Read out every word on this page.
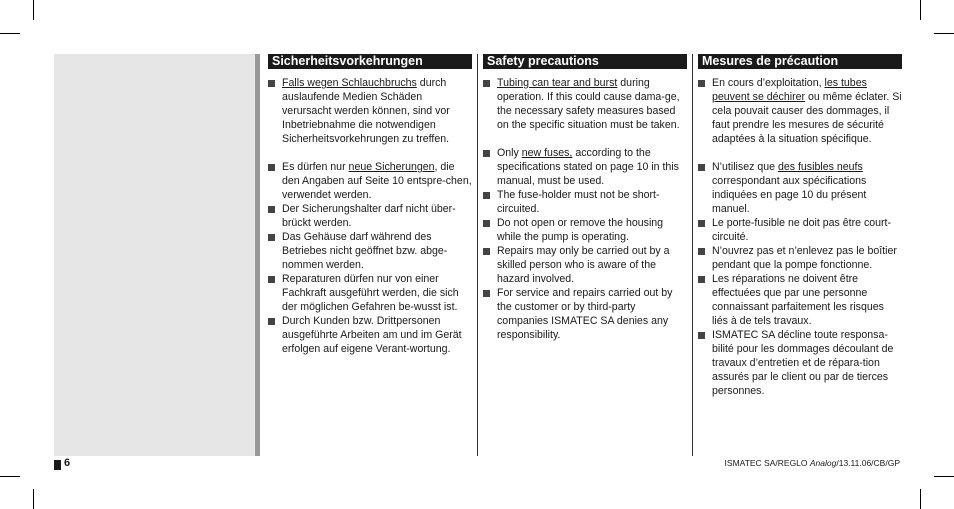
Sicherheitsvorkehrungen
Falls wegen Schlauchbruchs durch auslaufende Medien Schäden verursacht werden können, sind vor Inbetriebnahme die notwendigen Sicherheitsvorkehrungen zu treffen.
Es dürfen nur neue Sicherungen, die den Angaben auf Seite 10 entspre-chen, verwendet werden.
Der Sicherungshalter darf nicht über-brückt werden.
Das Gehäuse darf während des Betriebes nicht geöffnet bzw. abge-nommen werden.
Reparaturen dürfen nur von einer Fachkraft ausgeführt werden, die sich der möglichen Gefahren be-wusst ist.
Durch Kunden bzw. Drittpersonen ausgeführte Arbeiten am und im Gerät erfolgen auf eigene Verant-wortung.
Safety precautions
Tubing can tear and burst during operation. If this could cause dama-ge, the necessary safety measures based on the specific situation must be taken.
Only new fuses, according to the specifications stated on page 10 in this manual, must be used.
The fuse-holder must not be short-circuited.
Do not open or remove the housing while the pump is operating.
Repairs may only be carried out by a skilled person who is aware of the hazard involved.
For service and repairs carried out by the customer or by third-party companies ISMATEC SA denies any responsibility.
Mesures de précaution
En cours d’exploitation, les tubes peuvent se déchirer ou même éclater. Si cela pouvait causer des dommages, il faut prendre les mesures de sécurité adaptées à la situation spécifique.
N’utilisez que des fusibles neufs correspondant aux spécifications indiquées en page 10 du présent manuel.
Le porte-fusible ne doit pas être court-circuité.
N’ouvrez pas et n’enlevez pas le boîtier pendant que la pompe fonctionne.
Les réparations ne doivent être effectuées que par une personne connaissant parfaitement les risques liés à de tels travaux.
ISMATEC SA décline toute responsa-bilité pour les dommages découlant de travaux d’entretien et de répara-tion assurés par le client ou par de tierces personnes.
6	ISMATEC SA/REGLO Analog/13.11.06/CB/GP
